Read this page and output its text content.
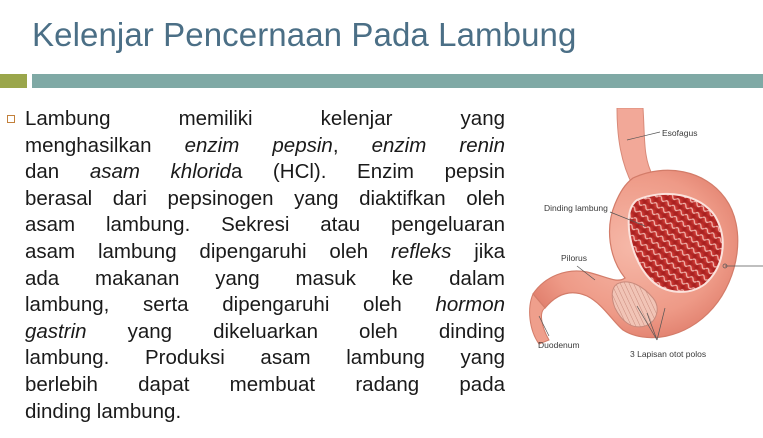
Kelenjar Pencernaan Pada Lambung
Lambung memiliki kelenjar yang
menghasilkan enzim pepsin, enzim renin
dan asam khlorida (HCl). Enzim pepsin
berasal dari pepsinogen yang diaktifkan oleh
asam lambung. Sekresi atau pengeluaran
asam lambung dipengaruhi oleh refleks jika
ada makanan yang masuk ke dalam
lambung, serta dipengaruhi oleh hormon
gastrin yang dikeluarkan oleh dinding
lambung. Produksi asam lambung yang
berlebih dapat membuat radang pada
dinding lambung.
Esofagus
Dinding lambung
Pilorus
Duodenum
3 Lapisan otot polos
